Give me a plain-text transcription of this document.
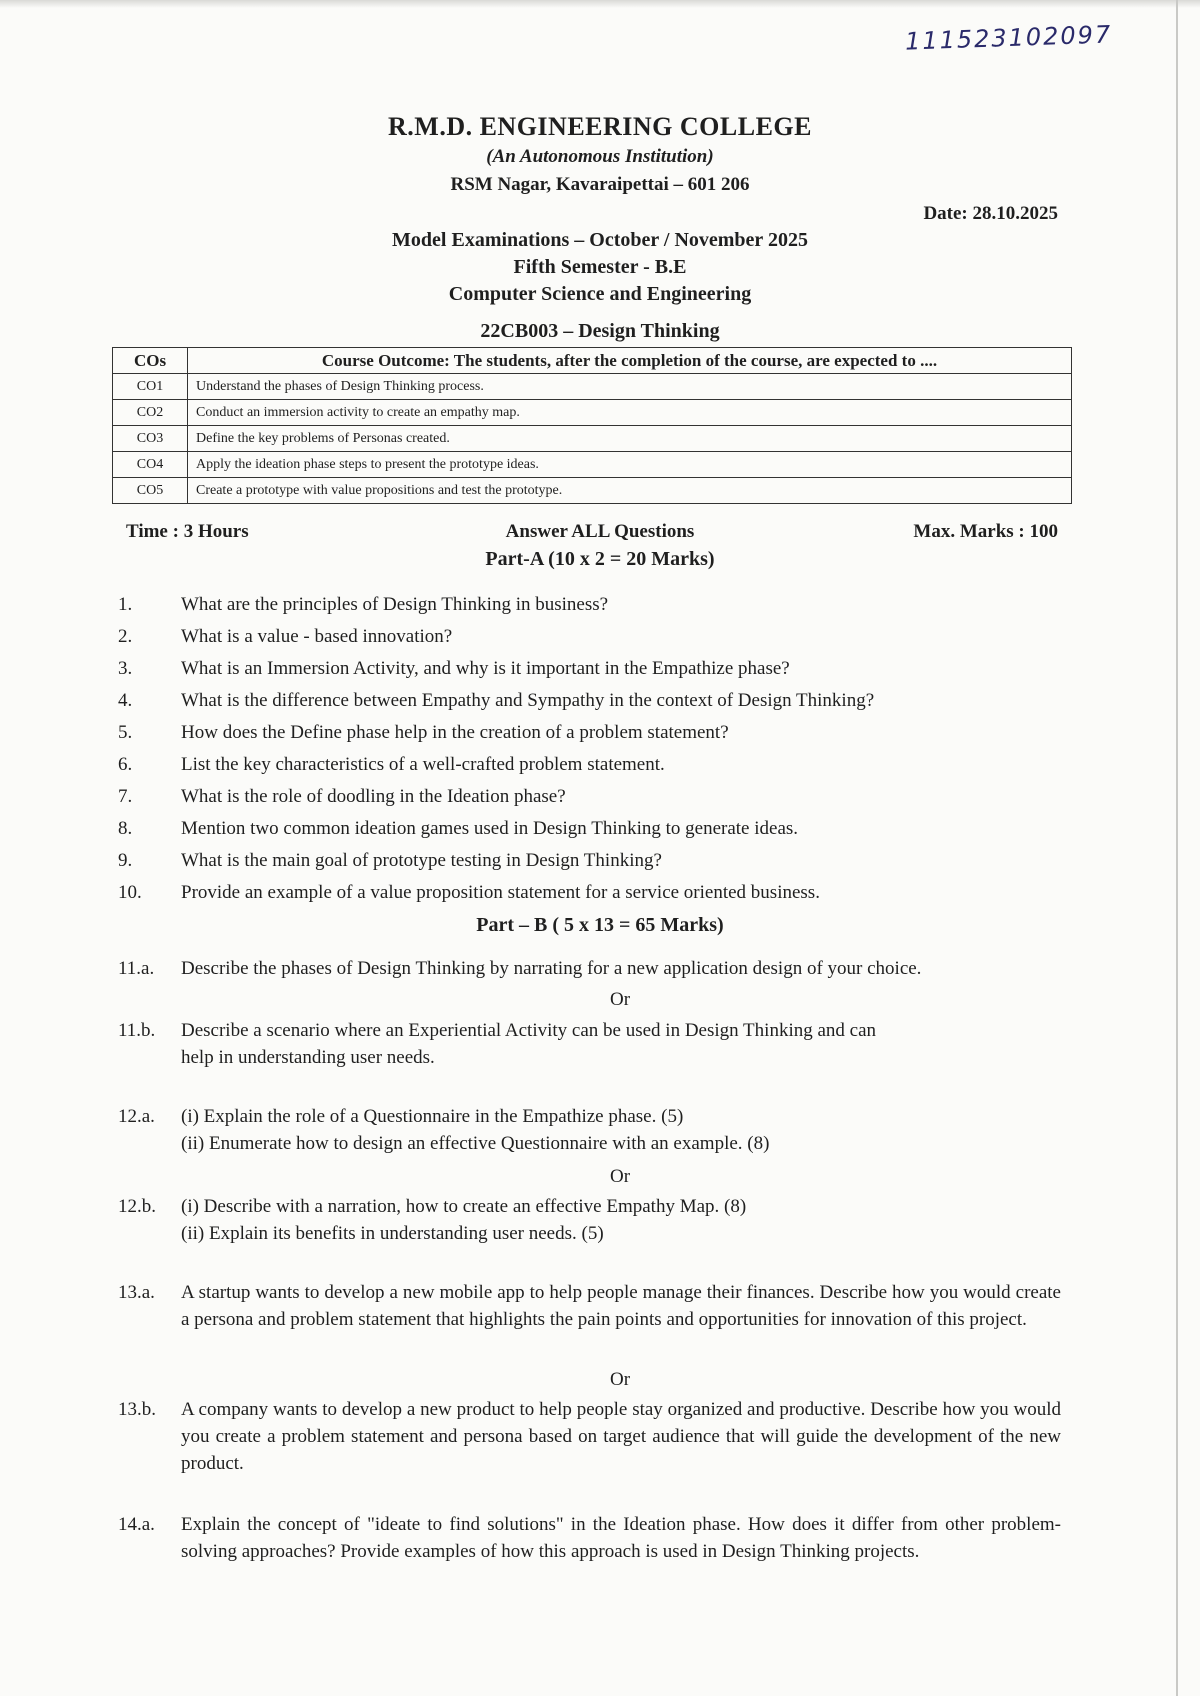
111523102097
R.M.D. ENGINEERING COLLEGE
(An Autonomous Institution)
RSM Nagar, Kavaraipettai – 601 206
Date: 28.10.2025
Model Examinations – October / November 2025
Fifth Semester - B.E
Computer Science and Engineering
22CB003 – Design Thinking
COs	Course Outcome: The students, after the completion of the course, are expected to ....
CO1	Understand the phases of Design Thinking process.
CO2	Conduct an immersion activity to create an empathy map.
CO3	Define the key problems of Personas created.
CO4	Apply the ideation phase steps to present the prototype ideas.
CO5	Create a prototype with value propositions and test the prototype.
Time : 3 Hours	Answer ALL Questions	Max. Marks : 100
Part-A (10 x 2 = 20 Marks)
1.	What are the principles of Design Thinking in business?
2.	What is a value - based innovation?
3.	What is an Immersion Activity, and why is it important in the Empathize phase?
4.	What is the difference between Empathy and Sympathy in the context of Design Thinking?
5.	How does the Define phase help in the creation of a problem statement?
6.	List the key characteristics of a well-crafted problem statement.
7.	What is the role of doodling in the Ideation phase?
8.	Mention two common ideation games used in Design Thinking to generate ideas.
9.	What is the main goal of prototype testing in Design Thinking?
10.	Provide an example of a value proposition statement for a service oriented business.
Part – B ( 5 x 13 = 65 Marks)
11.a.	Describe the phases of Design Thinking by narrating for a new application design of your choice.
Or
11.b.	Describe a scenario where an Experiential Activity can be used in Design Thinking and can
help in understanding user needs.
12.a.	(i) Explain the role of a Questionnaire in the Empathize phase. (5)
(ii) Enumerate how to design an effective Questionnaire with an example. (8)
Or
12.b.	(i) Describe with a narration, how to create an effective Empathy Map. (8)
(ii) Explain its benefits in understanding user needs. (5)
13.a.	A startup wants to develop a new mobile app to help people manage their finances. Describe how you would create a persona and problem statement that highlights the pain points and opportunities for innovation of this project.
Or
13.b.	A company wants to develop a new product to help people stay organized and productive. Describe how you would you create a problem statement and persona based on target audience that will guide the development of the new product.
14.a.	Explain the concept of "ideate to find solutions" in the Ideation phase. How does it differ from other problem-solving approaches? Provide examples of how this approach is used in Design Thinking projects.
